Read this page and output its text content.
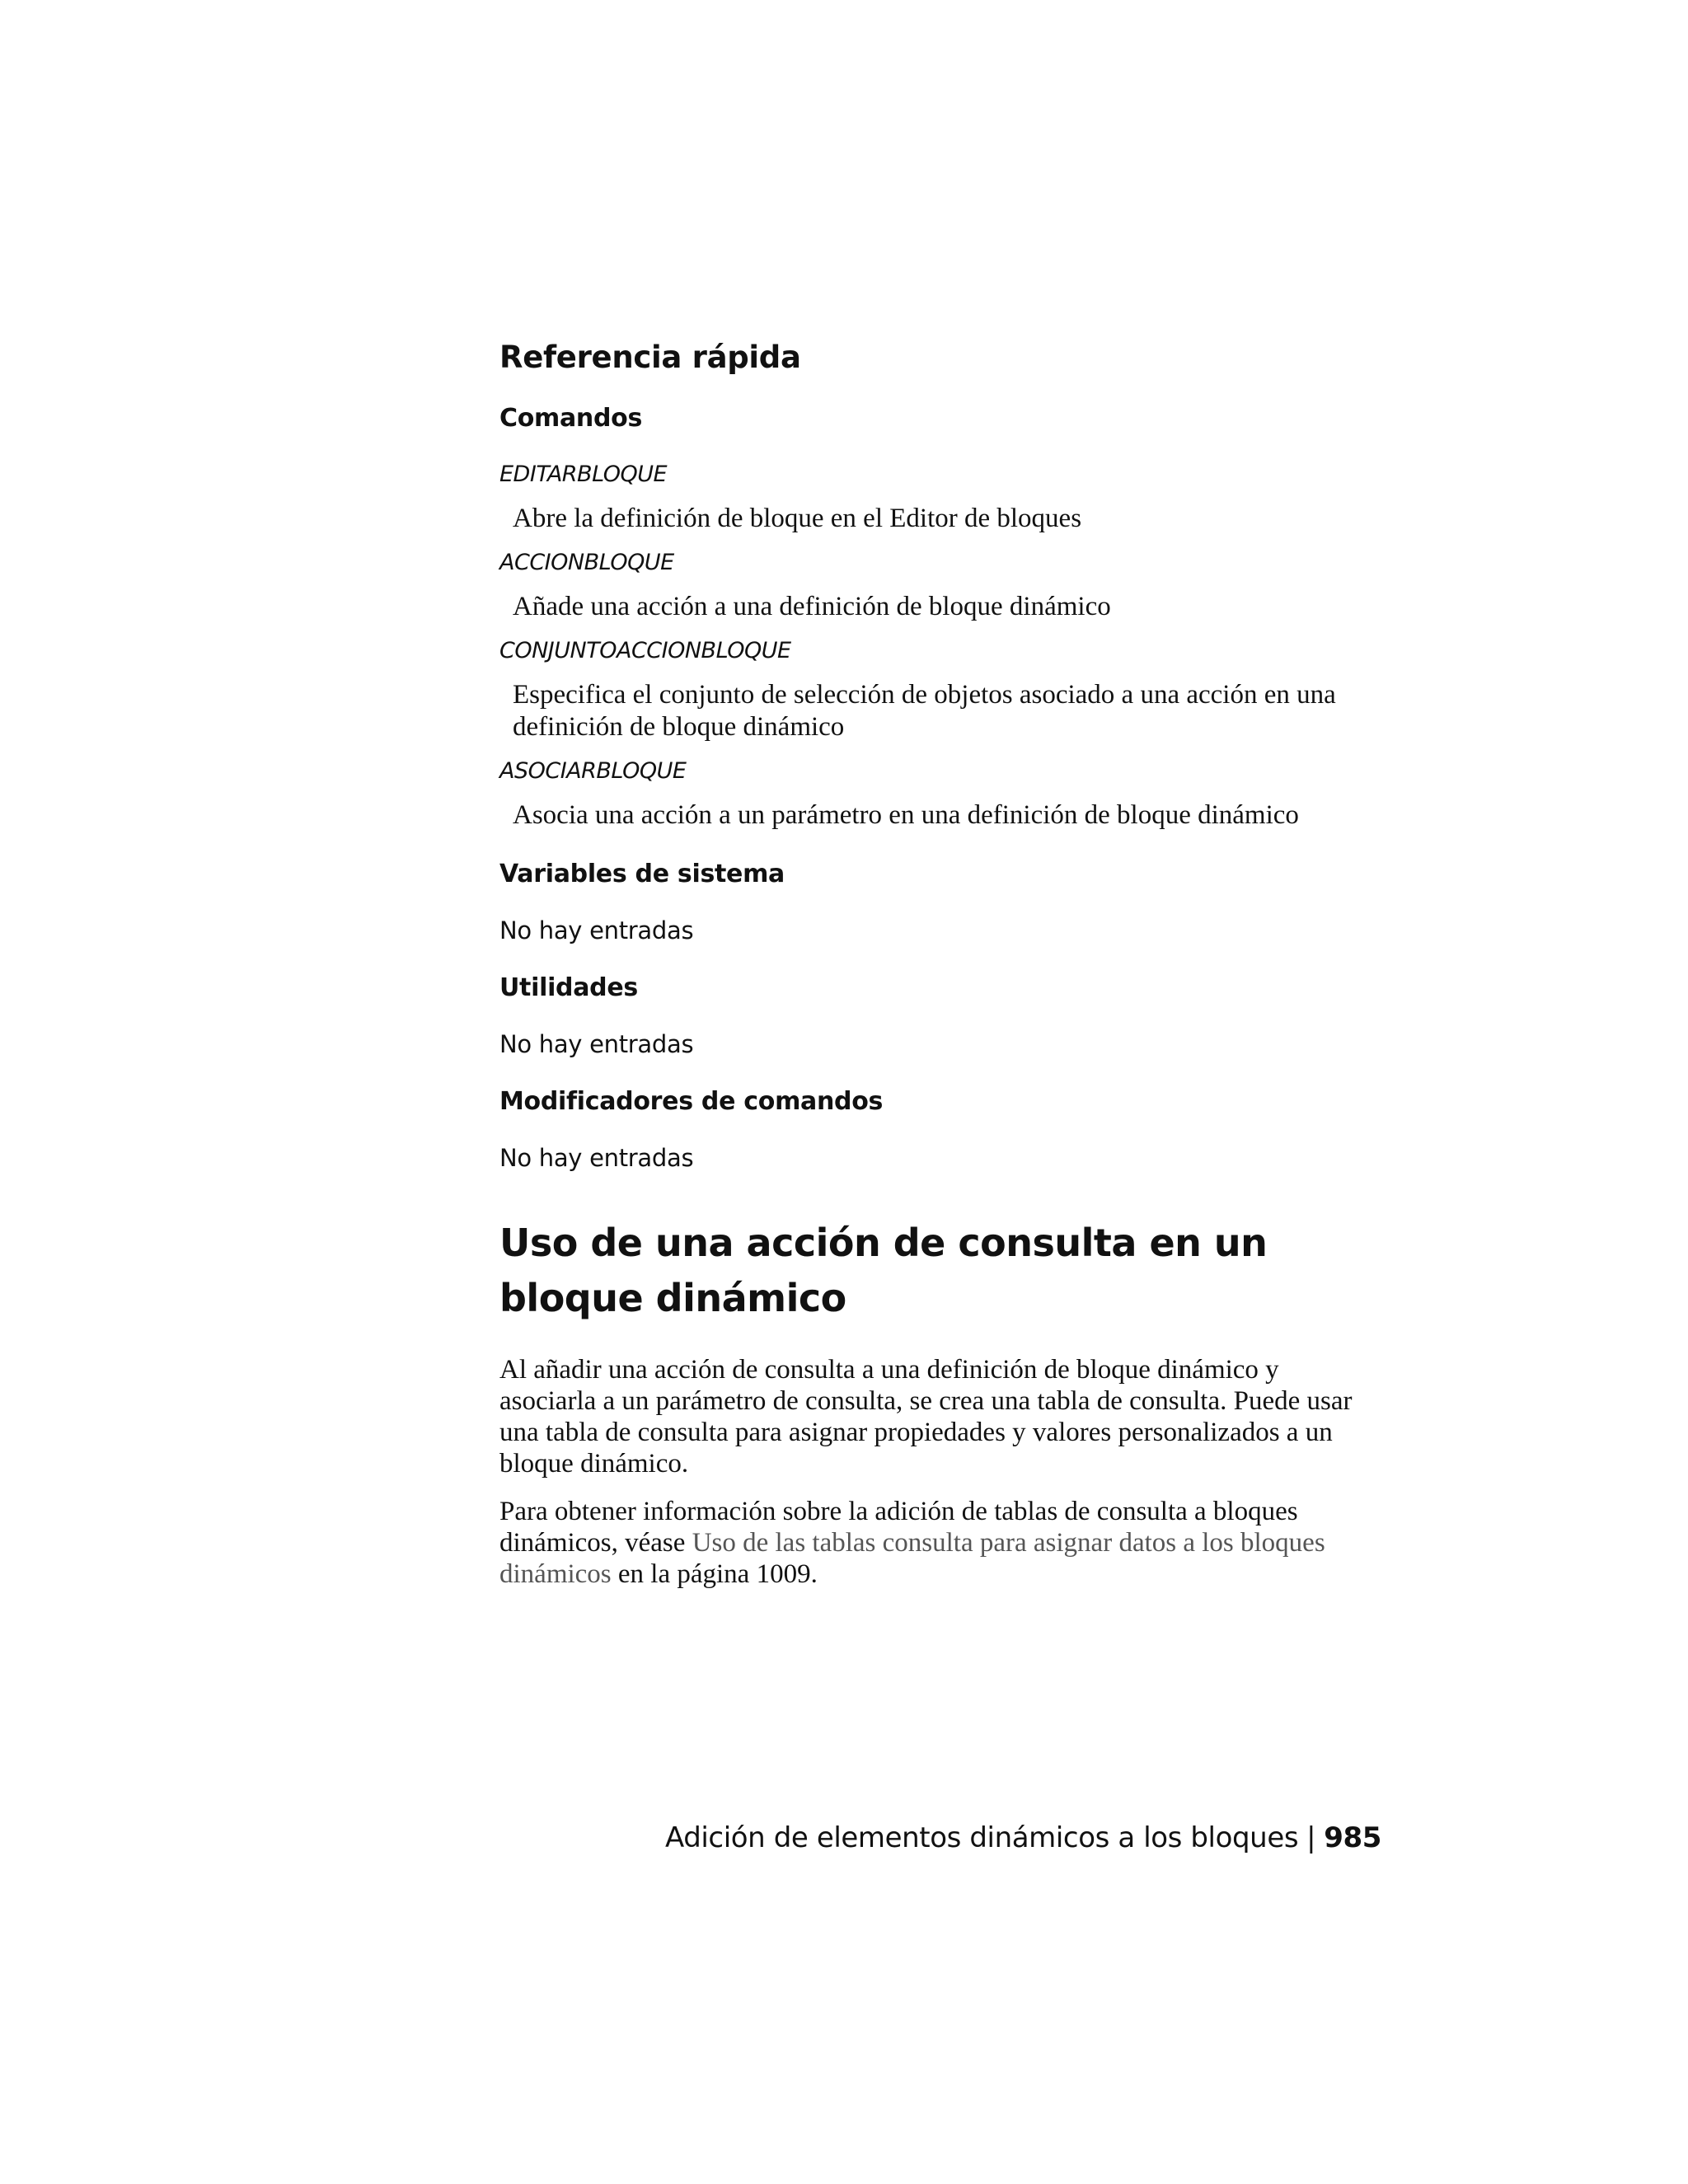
Referencia rápida
Comandos
EDITARBLOQUE
Abre la definición de bloque en el Editor de bloques
ACCIONBLOQUE
Añade una acción a una definición de bloque dinámico
CONJUNTOACCIONBLOQUE
Especifica el conjunto de selección de objetos asociado a una acción en una definición de bloque dinámico
ASOCIARBLOQUE
Asocia una acción a un parámetro en una definición de bloque dinámico
Variables de sistema
No hay entradas
Utilidades
No hay entradas
Modificadores de comandos
No hay entradas
Uso de una acción de consulta en un bloque dinámico

Al añadir una acción de consulta a una definición de bloque dinámico y asociarla a un parámetro de consulta, se crea una tabla de consulta. Puede usar una tabla de consulta para asignar propiedades y valores personalizados a un bloque dinámico.

Para obtener información sobre la adición de tablas de consulta a bloques dinámicos, véase Uso de las tablas consulta para asignar datos a los bloques dinámicos en la página 1009.

Adición de elementos dinámicos a los bloques | 985
